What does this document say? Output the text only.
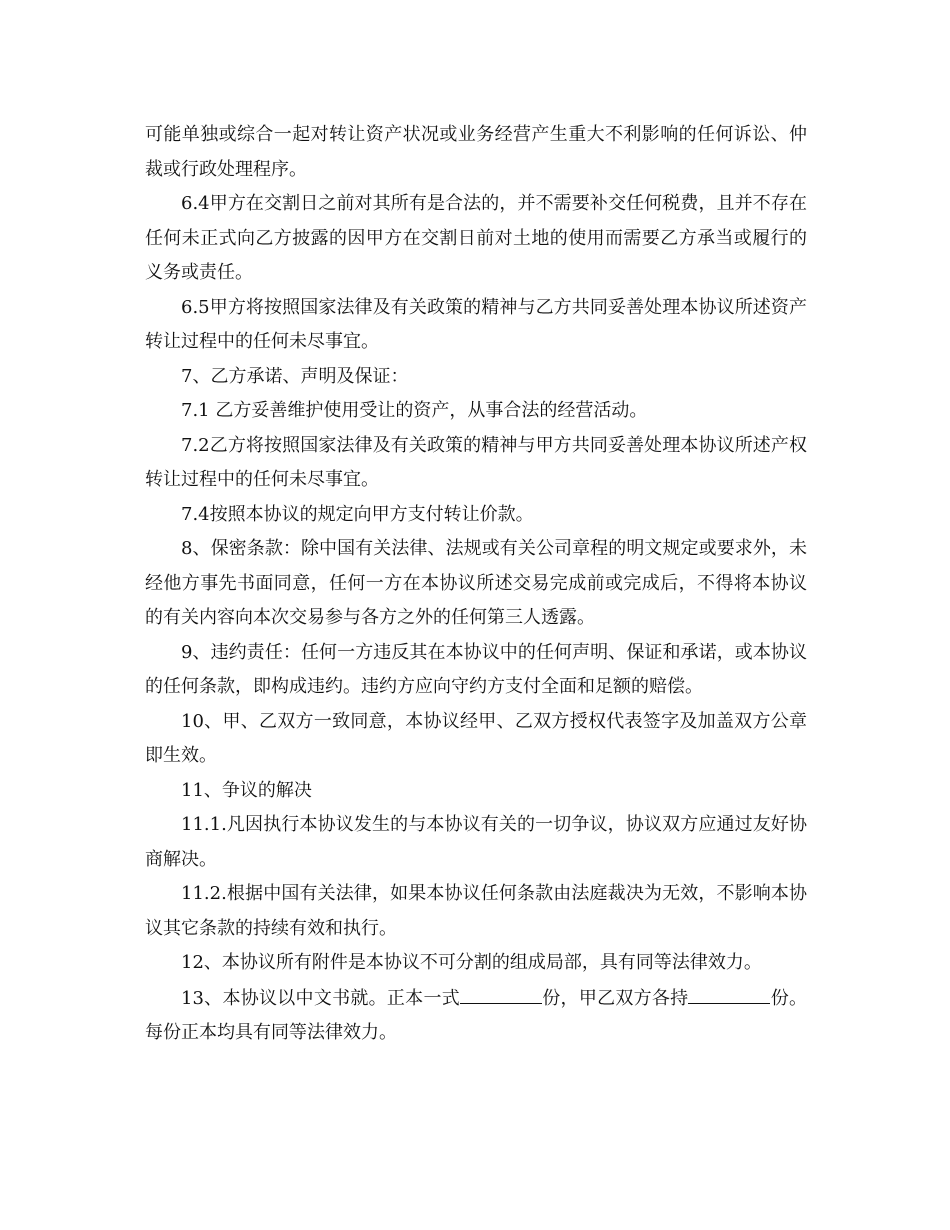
可能单独或综合一起对转让资产状况或业务经营产生重大不利影响的任何诉讼、仲裁或行政处理程序。

6.4甲方在交割日之前对其所有是合法的，并不需要补交任何税费，且并不存在任何未正式向乙方披露的因甲方在交割日前对土地的使用而需要乙方承当或履行的义务或责任。

6.5甲方将按照国家法律及有关政策的精神与乙方共同妥善处理本协议所述资产转让过程中的任何未尽事宜。

7、乙方承诺、声明及保证：

7.1 乙方妥善维护使用受让的资产，从事合法的经营活动。

7.2乙方将按照国家法律及有关政策的精神与甲方共同妥善处理本协议所述产权转让过程中的任何未尽事宜。

7.4按照本协议的规定向甲方支付转让价款。

8、保密条款：除中国有关法律、法规或有关公司章程的明文规定或要求外，未经他方事先书面同意，任何一方在本协议所述交易完成前或完成后，不得将本协议的有关内容向本次交易参与各方之外的任何第三人透露。

9、违约责任：任何一方违反其在本协议中的任何声明、保证和承诺，或本协议的任何条款，即构成违约。违约方应向守约方支付全面和足额的赔偿。

10、甲、乙双方一致同意，本协议经甲、乙双方授权代表签字及加盖双方公章即生效。

11、争议的解决

11.1.凡因执行本协议发生的与本协议有关的一切争议，协议双方应通过友好协商解决。

11.2.根据中国有关法律，如果本协议任何条款由法庭裁决为无效，不影响本协议其它条款的持续有效和执行。

12、本协议所有附件是本协议不可分割的组成局部，具有同等法律效力。

13、本协议以中文书就。正本一式	份，甲乙双方各持	份。每份正本均具有同等法律效力。
